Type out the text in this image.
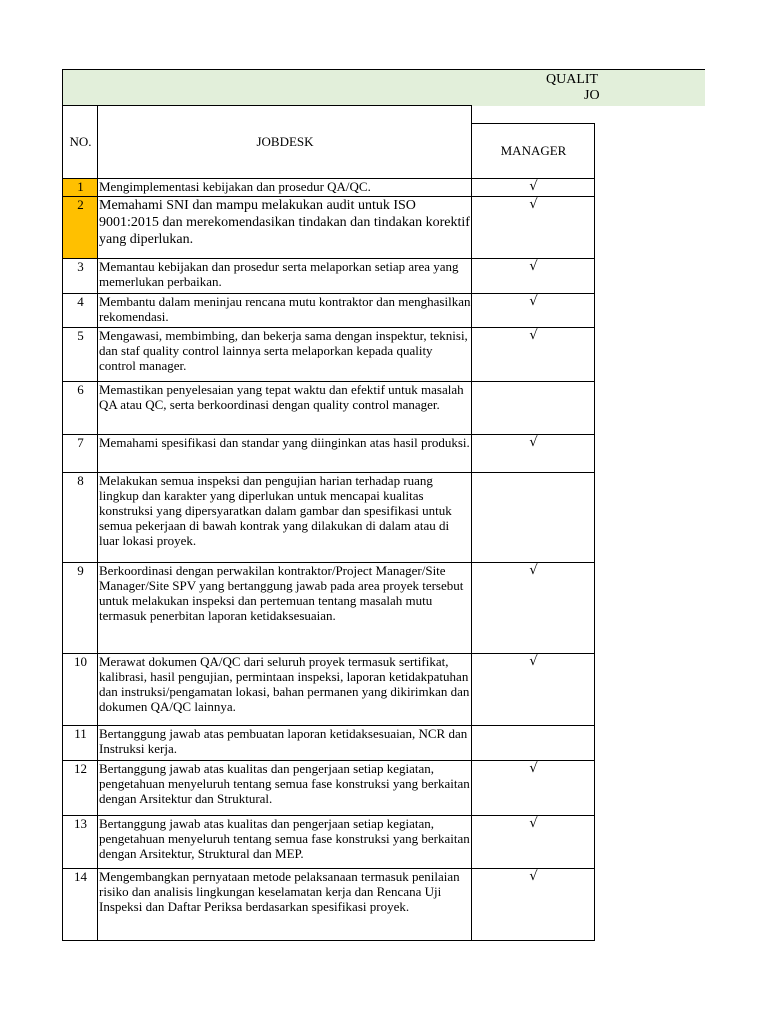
QUALIT
JO
NO.	JOBDESK	
		MANAGER
1	Mengimplementasi kebijakan dan prosedur QA/QC.	√
2	Memahami SNI dan mampu melakukan audit untuk ISO 9001:2015 dan merekomendasikan tindakan dan tindakan korektif yang diperlukan.	√
3	Memantau kebijakan dan prosedur serta melaporkan setiap area yang memerlukan perbaikan.	√
4	Membantu dalam meninjau rencana mutu kontraktor dan menghasilkan rekomendasi.	√
5	Mengawasi, membimbing, dan bekerja sama dengan inspektur, teknisi, dan staf quality control lainnya serta melaporkan kepada quality control manager.	√
6	Memastikan penyelesaian yang tepat waktu dan efektif untuk masalah QA atau QC, serta berkoordinasi dengan quality control manager.	
7	Memahami spesifikasi dan standar yang diinginkan atas hasil produksi.	√
8	Melakukan semua inspeksi dan pengujian harian terhadap ruang lingkup dan karakter yang diperlukan untuk mencapai kualitas konstruksi yang dipersyaratkan dalam gambar dan spesifikasi untuk semua pekerjaan di bawah kontrak yang dilakukan di dalam atau di luar lokasi proyek.	
9	Berkoordinasi dengan perwakilan kontraktor/Project Manager/Site Manager/Site SPV yang bertanggung jawab pada area proyek tersebut untuk melakukan inspeksi dan pertemuan tentang masalah mutu termasuk penerbitan laporan ketidaksesuaian.	√
10	Merawat dokumen QA/QC dari seluruh proyek termasuk sertifikat, kalibrasi, hasil pengujian, permintaan inspeksi, laporan ketidakpatuhan dan instruksi/pengamatan lokasi, bahan permanen yang dikirimkan dan dokumen QA/QC lainnya.	√
11	Bertanggung jawab atas pembuatan laporan ketidaksesuaian, NCR dan Instruksi kerja.	
12	Bertanggung jawab atas kualitas dan pengerjaan setiap kegiatan, pengetahuan menyeluruh tentang semua fase konstruksi yang berkaitan dengan Arsitektur dan Struktural.	√
13	Bertanggung jawab atas kualitas dan pengerjaan setiap kegiatan, pengetahuan menyeluruh tentang semua fase konstruksi yang berkaitan dengan Arsitektur, Struktural dan MEP.	√
14	Mengembangkan pernyataan metode pelaksanaan termasuk penilaian risiko dan analisis lingkungan keselamatan kerja dan Rencana Uji Inspeksi dan Daftar Periksa berdasarkan spesifikasi proyek.	√
